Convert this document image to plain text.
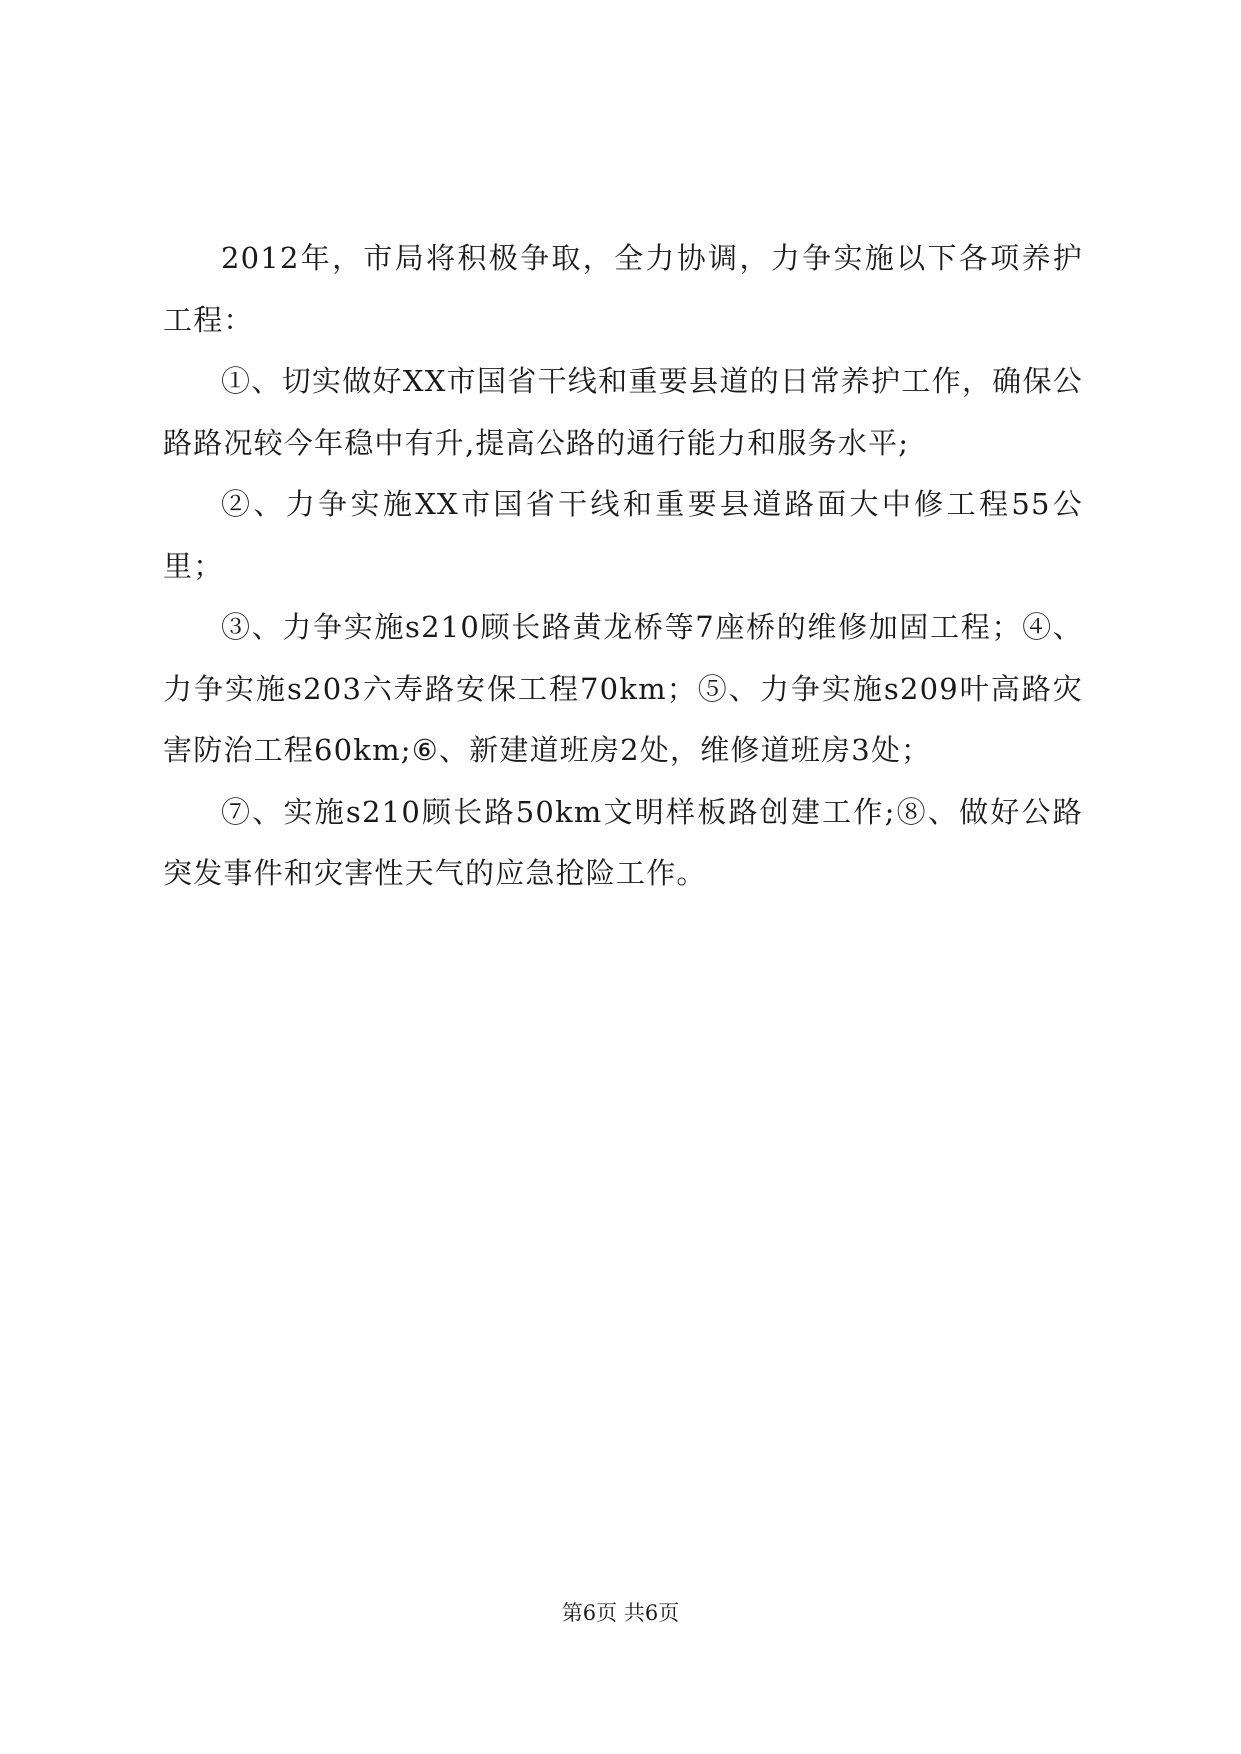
2012年，市局将积极争取，全力协调，力争实施以下各项养护工程：

①、切实做好XX市国省干线和重要县道的日常养护工作，确保公路路况较今年稳中有升,提高公路的通行能力和服务水平;

②、力争实施XX市国省干线和重要县道路面大中修工程55公里；

③、力争实施s210顾长路黄龙桥等7座桥的维修加固工程；④、力争实施s203六寿路安保工程70km；⑤、力争实施s209叶高路灾害防治工程60km;⑥、新建道班房2处，维修道班房3处；

⑦、实施s210顾长路50km文明样板路创建工作;⑧、做好公路突发事件和灾害性天气的应急抢险工作。

第6页 共6页
